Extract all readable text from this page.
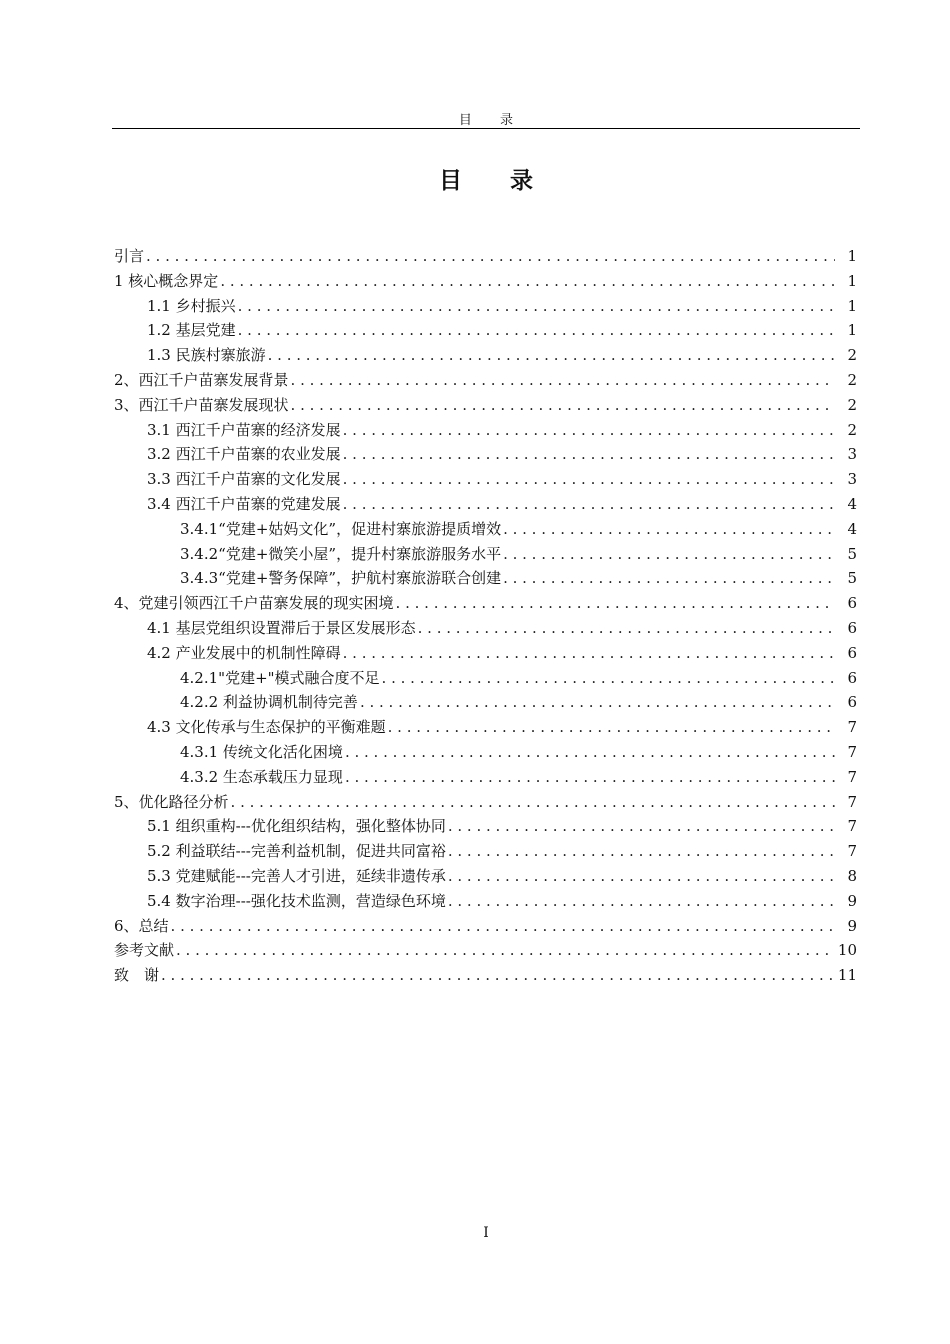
目 录
目 录
引言 . . .	1
1 核心概念界定 . . .	1
1.1 乡村振兴 . . .	1
1.2 基层党建 . . .	1
1.3 民族村寨旅游 . . .	2
2、西江千户苗寨发展背景 . . .	2
3、西江千户苗寨发展现状 . . .	2
3.1 西江千户苗寨的经济发展 . . .	2
3.2 西江千户苗寨的农业发展 . . .	3
3.3 西江千户苗寨的文化发展 . . .	3
3.4 西江千户苗寨的党建发展 . . .	4
3.4.1“党建+姑妈文化”，促进村寨旅游提质增效 . . .	4
3.4.2“党建+微笑小屋”，提升村寨旅游服务水平 . . .	5
3.4.3“党建+警务保障”，护航村寨旅游联合创建 . . .	5
4、党建引领西江千户苗寨发展的现实困境 . . .	6
4.1 基层党组织设置滞后于景区发展形态 . . .	6
4.2 产业发展中的机制性障碍 . . .	6
4.2.1"党建+"模式融合度不足 . . .	6
4.2.2 利益协调机制待完善 . . .	6
4.3 文化传承与生态保护的平衡难题 . . .	7
4.3.1 传统文化活化困境 . . .	7
4.3.2 生态承载压力显现 . . .	7
5、优化路径分析 . . .	7
5.1 组织重构---优化组织结构，强化整体协同 . . .	7
5.2 利益联结---完善利益机制，促进共同富裕 . . .	7
5.3 党建赋能---完善人才引进，延续非遗传承 . . .	8
5.4 数字治理---强化技术监测，营造绿色环境 . . .	9
6、总结 . . .	9
参考文献 . . .	10
致　谢 . . .	11
I
